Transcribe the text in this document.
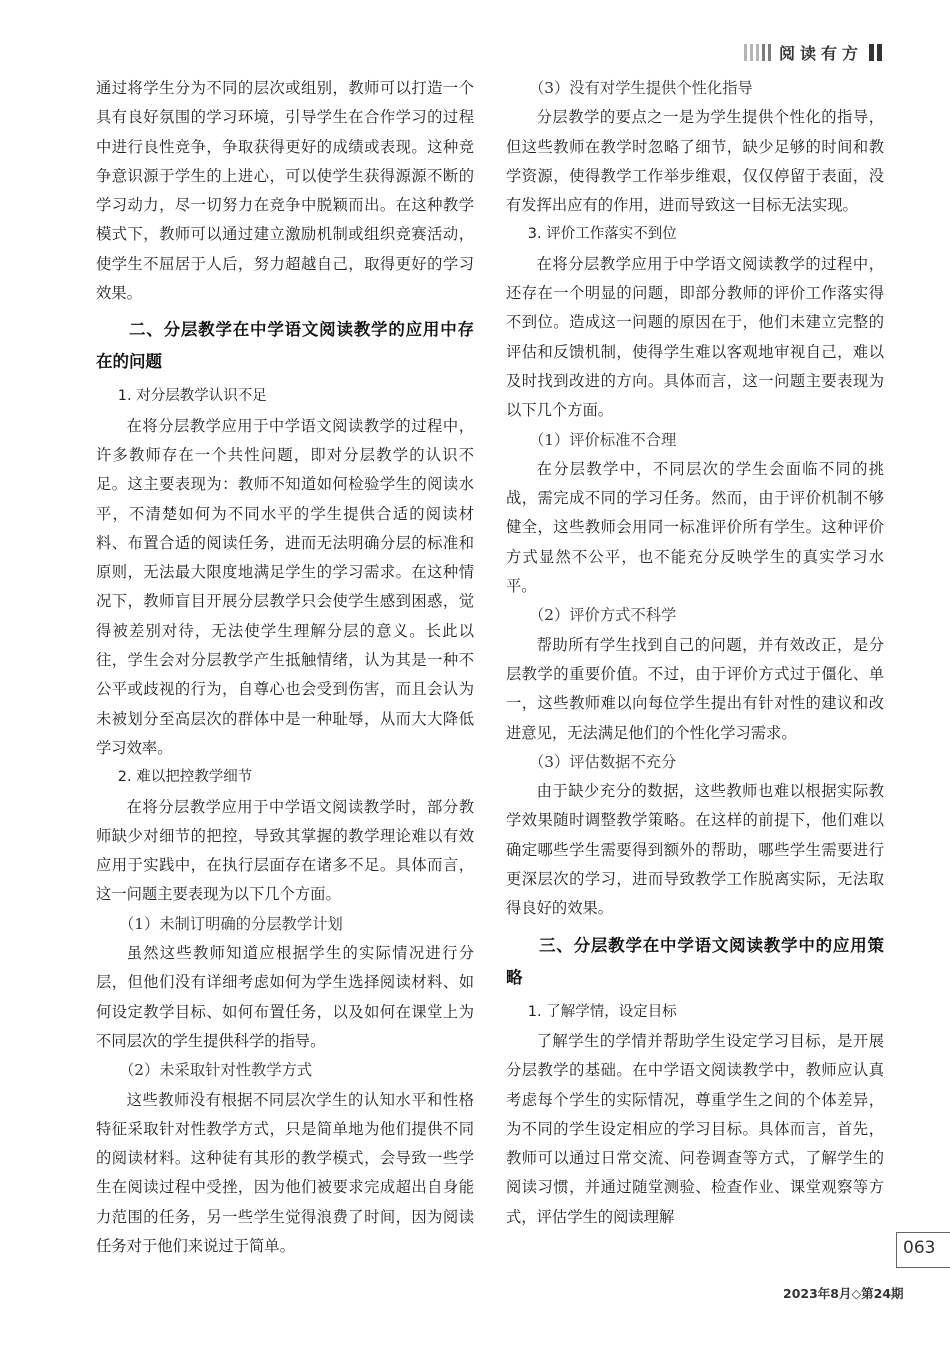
阅读有方

通过将学生分为不同的层次或组别，教师可以打造一个具有良好氛围的学习环境，引导学生在合作学习的过程中进行良性竞争，争取获得更好的成绩或表现。这种竞争意识源于学生的上进心，可以使学生获得源源不断的学习动力，尽一切努力在竞争中脱颖而出。在这种教学模式下，教师可以通过建立激励机制或组织竞赛活动，使学生不屈居于人后，努力超越自己，取得更好的学习效果。

二、分层教学在中学语文阅读教学的应用中存在的问题
1. 对分层教学认识不足

在将分层教学应用于中学语文阅读教学的过程中，许多教师存在一个共性问题，即对分层教学的认识不足。这主要表现为：教师不知道如何检验学生的阅读水平，不清楚如何为不同水平的学生提供合适的阅读材料、布置合适的阅读任务，进而无法明确分层的标准和原则，无法最大限度地满足学生的学习需求。在这种情况下，教师盲目开展分层教学只会使学生感到困惑，觉得被差别对待，无法使学生理解分层的意义。长此以往，学生会对分层教学产生抵触情绪，认为其是一种不公平或歧视的行为，自尊心也会受到伤害，而且会认为未被划分至高层次的群体中是一种耻辱，从而大大降低学习效率。

2. 难以把控教学细节

在将分层教学应用于中学语文阅读教学时，部分教师缺少对细节的把控，导致其掌握的教学理论难以有效应用于实践中，在执行层面存在诸多不足。具体而言，这一问题主要表现为以下几个方面。

（1）未制订明确的分层教学计划

虽然这些教师知道应根据学生的实际情况进行分层，但他们没有详细考虑如何为学生选择阅读材料、如何设定教学目标、如何布置任务，以及如何在课堂上为不同层次的学生提供科学的指导。

（2）未采取针对性教学方式

这些教师没有根据不同层次学生的认知水平和性格特征采取针对性教学方式，只是简单地为他们提供不同的阅读材料。这种徒有其形的教学模式，会导致一些学生在阅读过程中受挫，因为他们被要求完成超出自身能力范围的任务，另一些学生觉得浪费了时间，因为阅读任务对于他们来说过于简单。

（3）没有对学生提供个性化指导

分层教学的要点之一是为学生提供个性化的指导，但这些教师在教学时忽略了细节，缺少足够的时间和教学资源，使得教学工作举步维艰，仅仅停留于表面，没有发挥出应有的作用，进而导致这一目标无法实现。

3. 评价工作落实不到位

在将分层教学应用于中学语文阅读教学的过程中，还存在一个明显的问题，即部分教师的评价工作落实得不到位。造成这一问题的原因在于，他们未建立完整的评估和反馈机制，使得学生难以客观地审视自己，难以及时找到改进的方向。具体而言，这一问题主要表现为以下几个方面。

（1）评价标准不合理

在分层教学中，不同层次的学生会面临不同的挑战，需完成不同的学习任务。然而，由于评价机制不够健全，这些教师会用同一标准评价所有学生。这种评价方式显然不公平，也不能充分反映学生的真实学习水平。

（2）评价方式不科学

帮助所有学生找到自己的问题，并有效改正，是分层教学的重要价值。不过，由于评价方式过于僵化、单一，这些教师难以向每位学生提出有针对性的建议和改进意见，无法满足他们的个性化学习需求。

（3）评估数据不充分

由于缺少充分的数据，这些教师也难以根据实际教学效果随时调整教学策略。在这样的前提下，他们难以确定哪些学生需要得到额外的帮助，哪些学生需要进行更深层次的学习，进而导致教学工作脱离实际，无法取得良好的效果。

三、分层教学在中学语文阅读教学中的应用策略
1. 了解学情，设定目标

了解学生的学情并帮助学生设定学习目标，是开展分层教学的基础。在中学语文阅读教学中，教师应认真考虑每个学生的实际情况，尊重学生之间的个体差异，为不同的学生设定相应的学习目标。具体而言，首先，教师可以通过日常交流、问卷调查等方式，了解学生的阅读习惯，并通过随堂测验、检查作业、课堂观察等方式，评估学生的阅读理解

063
2023年8月◇第24期
